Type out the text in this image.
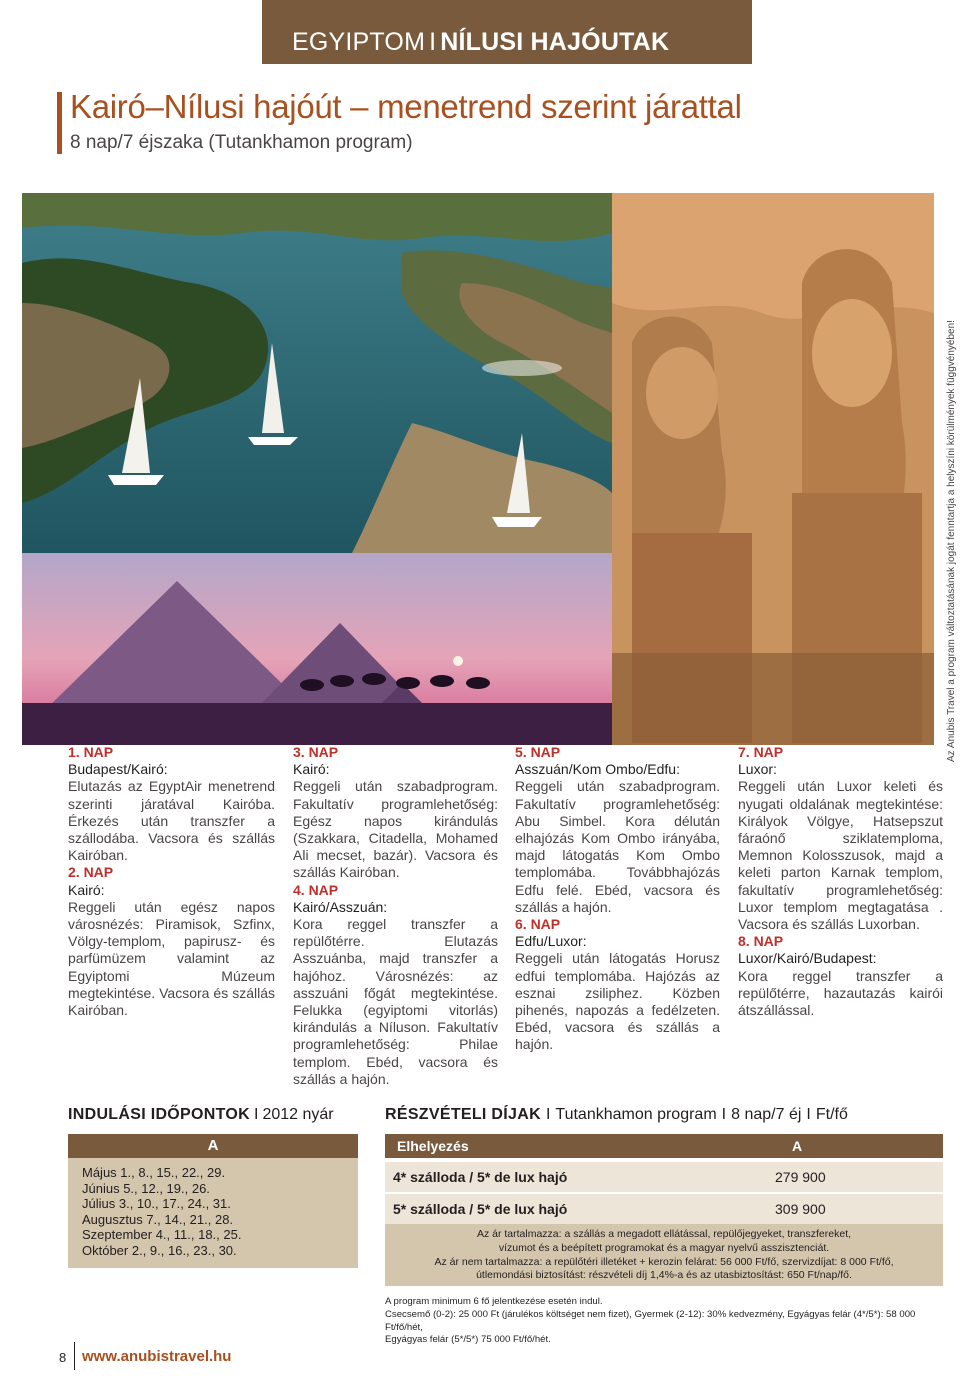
EGYIPTOM I NÍLUSI HAJÓUTAK
Kairó–Nílusi hajóút – menetrend szerint járattal
8 nap/7 éjszaka (Tutankhamon program)
Az Anubis Travel a program változtatásának jogát fenntartja a helyszíni körülmények függvényében!
1. NAP
Budapest/Kairó:
Elutazás az EgyptAir menetrend szerinti járatával Kairóba. Érkezés után transzfer a szállodába. Vacsora és szállás Kairóban.
2. NAP
Kairó:
Reggeli után egész napos városnézés: Piramisok, Szfinx, Völgy-templom, papirusz- és parfümüzem valamint az Egyiptomi Múzeum megtekintése. Vacsora és szállás Kairóban.
3. NAP
Kairó:
Reggeli után szabadprogram. Fakultatív programlehetőség: Egész napos kirándulás (Szakkara, Citadella, Mohamed Ali mecset, bazár). Vacsora és szállás Kairóban.
4. NAP
Kairó/Asszuán:
Kora reggel transzfer a repülőtérre. Elutazás Asszuánba, majd transzfer a hajóhoz. Városnézés: az asszuáni főgát megtekintése. Felukka (egyiptomi vitorlás) kirándulás a Níluson. Fakultatív programlehetőség: Philae templom. Ebéd, vacsora és szállás a hajón.
5. NAP
Asszuán/Kom Ombo/Edfu:
Reggeli után szabadprogram. Fakultatív programlehetőség: Abu Simbel. Kora délután elhajózás Kom Ombo irányába, majd látogatás Kom Ombo templomába. Továbbhajózás Edfu felé. Ebéd, vacsora és szállás a hajón.
6. NAP
Edfu/Luxor:
Reggeli után látogatás Horusz edfui templomába. Hajózás az esznai zsiliphez. Közben pihenés, napozás a fedélzeten. Ebéd, vacsora és szállás a hajón.
7. NAP
Luxor:
Reggeli után Luxor keleti és nyugati oldalának megtekintése: Királyok Völgye, Hatsepszut fáraónő sziklatemploma, Memnon Kolosszusok, majd a keleti parton Karnak templom, fakultatív programlehetőség: Luxor templom megtagatása . Vacsora és szállás Luxorban.
8. NAP
Luxor/Kairó/Budapest:
Kora reggel transzfer a repülőtérre, hazautazás kairói átszállással.
INDULÁSI IDŐPONTOK I 2012 nyár
A
Május 1., 8., 15., 22., 29.
Június 5., 12., 19., 26.
Július 3., 10., 17., 24., 31.
Augusztus 7., 14., 21., 28.
Szeptember 4., 11., 18., 25.
Október 2., 9., 16., 23., 30.
RÉSZVÉTELI DÍJAK I Tutankhamon program I 8 nap/7 éj I Ft/fő
Elhelyezés	A
4* szálloda / 5* de lux hajó	279 900
5* szálloda / 5* de lux hajó	309 900
Az ár tartalmazza: a szállás a megadott ellátással, repülőjegyeket, transzfereket,
vízumot és a beépített programokat és a magyar nyelvű asszisztenciát.
Az ár nem tartalmazza: a repülőtéri illetéket + kerozin felárat: 56 000 Ft/fő, szervizdíjat: 8 000 Ft/fő,
útlemondási biztosítást: részvételi díj 1,4%-a és az utasbiztosítást: 650 Ft/nap/fő.
A program minimum 6 fő jelentkezése esetén indul.
Csecsemő (0-2): 25 000 Ft (járulékos költséget nem fizet), Gyermek (2-12): 30% kedvezmény, Egyágyas felár (4*/5*): 58 000 Ft/fő/hét,
Egyágyas felár (5*/5*) 75 000 Ft/fő/hét.
8 www.anubistravel.hu
